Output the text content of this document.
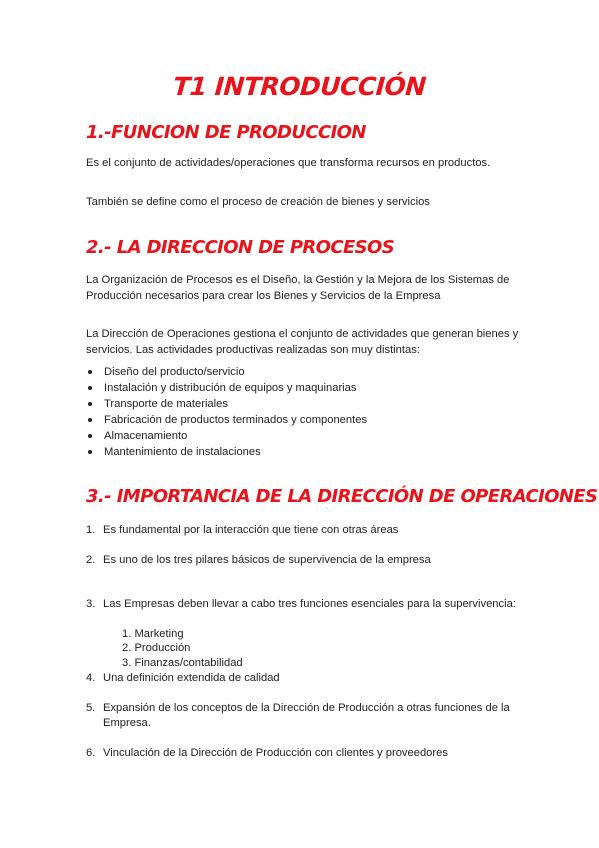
T1 INTRODUCCIÓN
1.-FUNCION DE PRODUCCION
Es el conjunto de actividades/operaciones que transforma recursos en productos.
También se define como el proceso de creación de bienes y servicios
2.- LA DIRECCION DE PROCESOS
La Organización de Procesos es el Diseño, la Gestión y la Mejora de los Sistemas de Producción necesarios para crear los Bienes y Servicios de la Empresa
La Dirección de Operaciones gestiona el conjunto de actividades que generan bienes y servicios. Las actividades productivas realizadas son muy distintas:
Diseño del producto/servicio
Instalación y distribución de equipos y maquinarias
Transporte de materiales
Fabricación de productos terminados y componentes
Almacenamiento
Mantenimiento de instalaciones
3.- IMPORTANCIA DE LA DIRECCIÓN DE OPERACIONES
1. Es fundamental por la interacción que tiene con otras áreas
2. Es uno de los tres pilares básicos de supervivencia de la empresa
3. Las Empresas deben llevar a cabo tres funciones esenciales para la supervivencia:
1. Marketing
2. Producción
3. Finanzas/contabilidad
4. Una definición extendida de calidad
5. Expansión de los conceptos de la Dirección de Producción a otras funciones de la Empresa.
6. Vinculación de la Dirección de Producción con clientes y proveedores
